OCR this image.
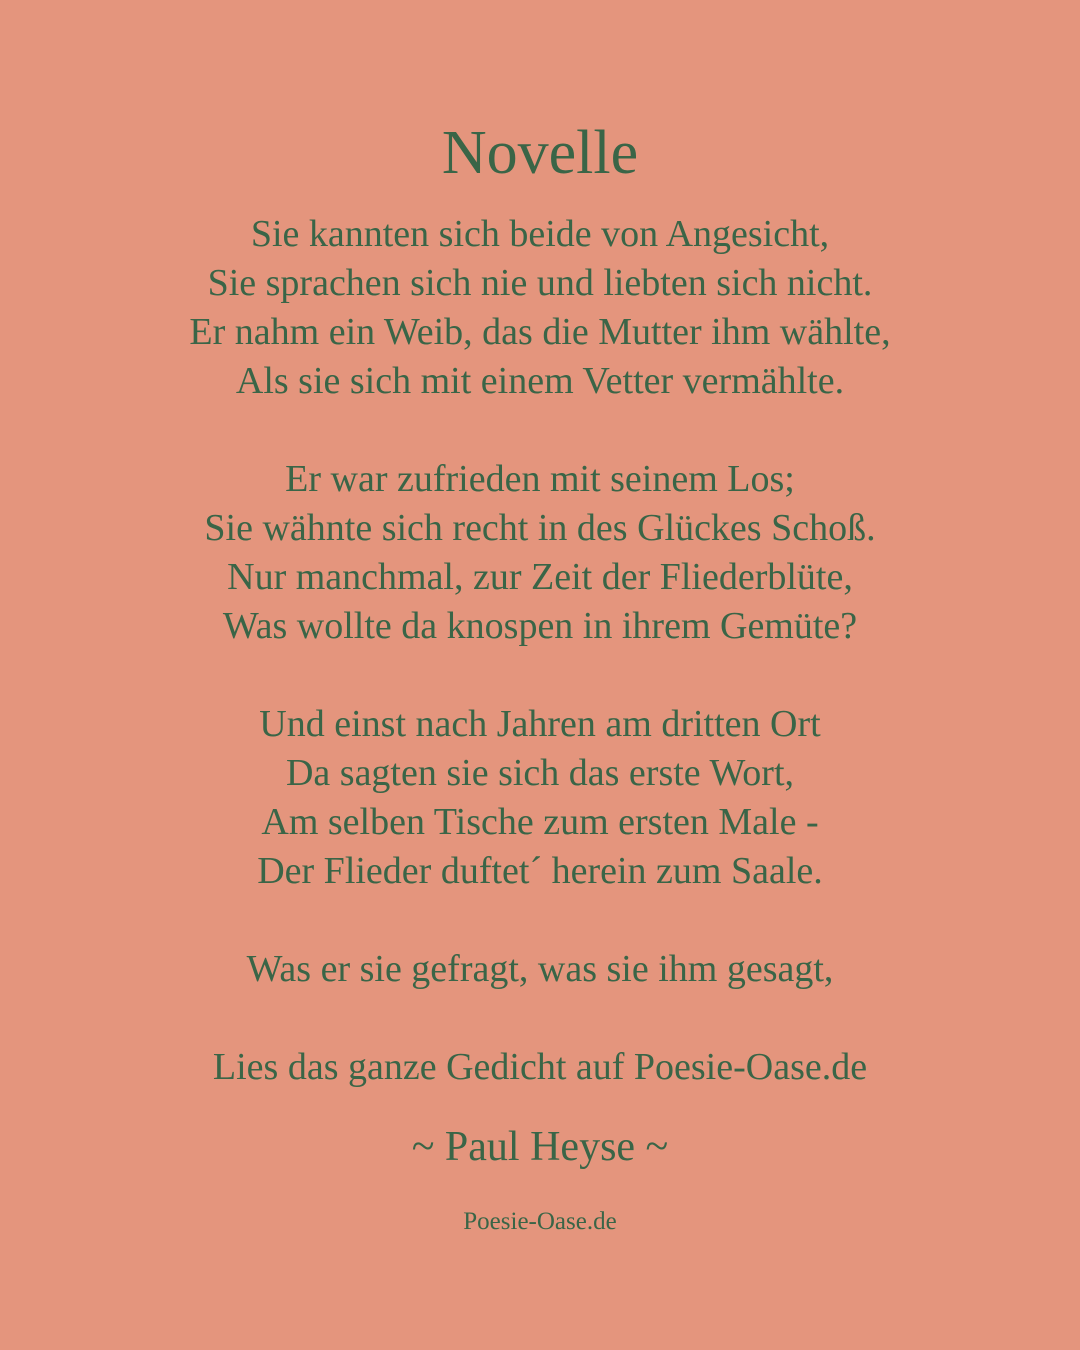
Novelle
Sie kannten sich beide von Angesicht,
Sie sprachen sich nie und liebten sich nicht.
Er nahm ein Weib, das die Mutter ihm wählte,
Als sie sich mit einem Vetter vermählte.
Er war zufrieden mit seinem Los;
Sie wähnte sich recht in des Glückes Schoß.
Nur manchmal, zur Zeit der Fliederblüte,
Was wollte da knospen in ihrem Gemüte?
Und einst nach Jahren am dritten Ort
Da sagten sie sich das erste Wort,
Am selben Tische zum ersten Male -
Der Flieder duftet´ herein zum Saale.
Was er sie gefragt, was sie ihm gesagt,
Lies das ganze Gedicht auf Poesie-Oase.de
~ Paul Heyse ~
Poesie-Oase.de
